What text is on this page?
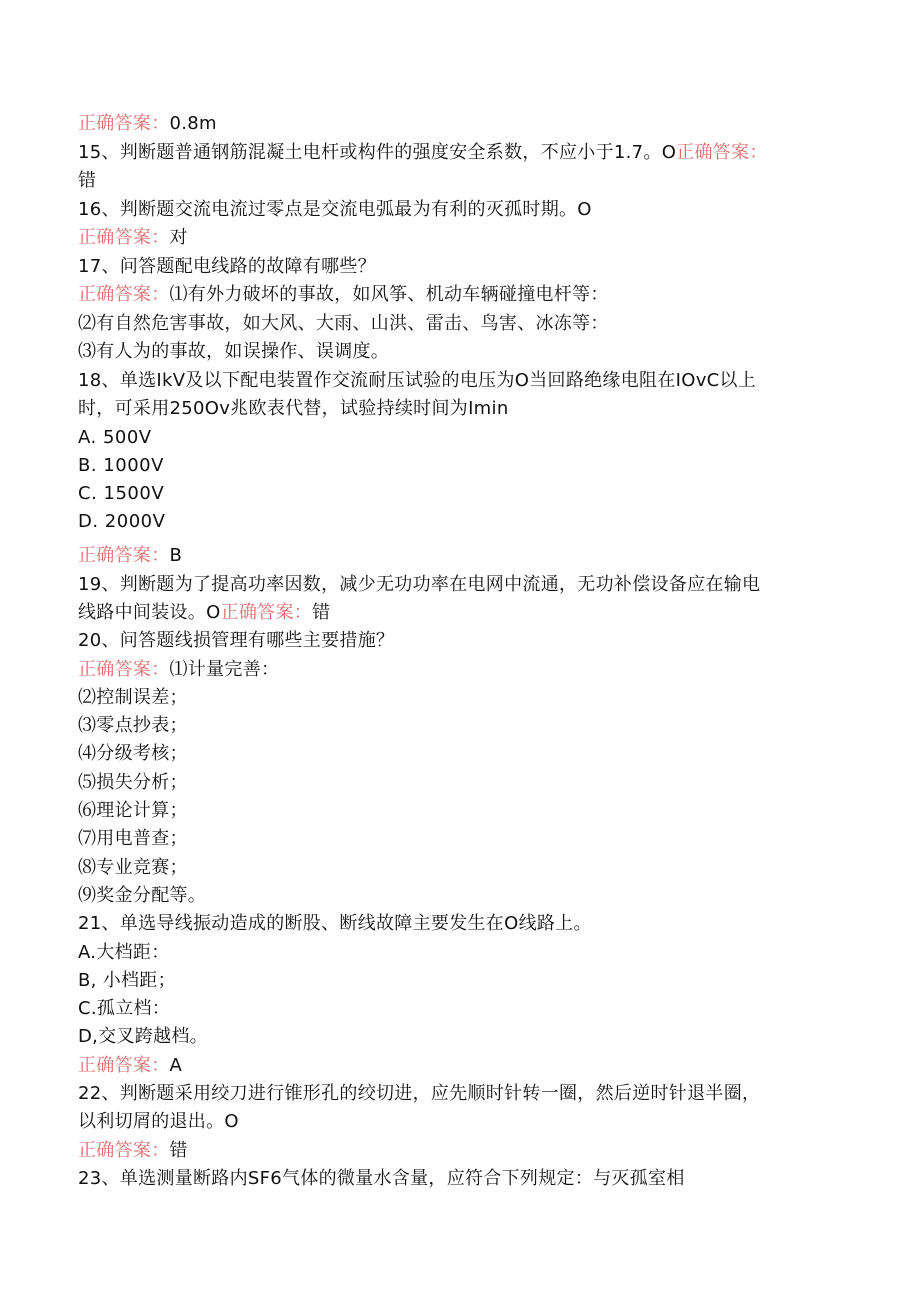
正确答案：0.8m
15、判断题普通钢筋混凝土电杆或构件的强度安全系数，不应小于1.7。O正确答案：
错
16、判断题交流电流过零点是交流电弧最为有利的灭孤时期。O
正确答案：对
17、问答题配电线路的故障有哪些？
正确答案：⑴有外力破坏的事故，如风筝、机动车辆碰撞电杆等：
⑵有自然危害事故，如大风、大雨、山洪、雷击、鸟害、冰冻等：
⑶有人为的事故，如误操作、误调度。
18、单选IkV及以下配电装置作交流耐压试验的电压为O当回路绝缘电阻在IOvC以上
时，可采用250Ov兆欧表代替，试验持续时间为Imin
A. 500V
B. 1000V
C. 1500V
D. 2000V
正确答案：B
19、判断题为了提高功率因数，减少无功功率在电网中流通，无功补偿设备应在输电
线路中间装设。O正确答案：错
20、问答题线损管理有哪些主要措施？
正确答案：⑴计量完善：
⑵控制误差；
⑶零点抄表；
⑷分级考核；
⑸损失分析；
⑹理论计算；
⑺用电普查；
⑻专业竞赛；
⑼奖金分配等。
21、单选导线振动造成的断股、断线故障主要发生在O线路上。
A.大档距：
B, 小档距；
C.孤立档：
D,交叉跨越档。
正确答案：A
22、判断题采用绞刀进行锥形孔的绞切进，应先顺时针转一圈，然后逆时针退半圈，
以利切屑的退出。O
正确答案：错
23、单选测量断路内SF6气体的微量水含量，应符合下列规定：与灭孤室相
